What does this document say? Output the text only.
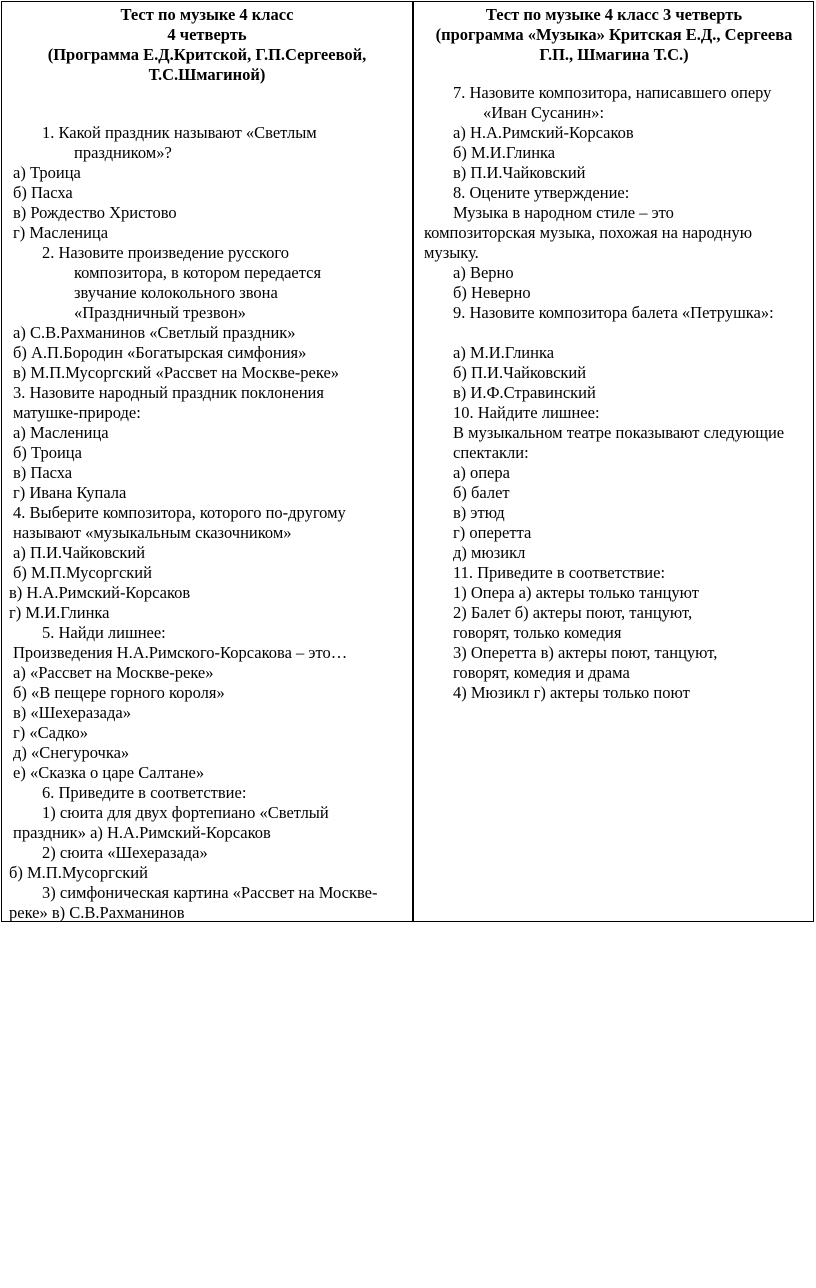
Тест по музыке 4 класс
4 четверть
(Программа Е.Д.Критской, Г.П.Сергеевой,
Т.С.Шмагиной)
1. Какой праздник называют «Светлым
праздником»?
а) Троица
б) Пасха
в) Рождество Христово
г) Масленица
2. Назовите произведение русского
композитора, в котором передается
звучание колокольного звона
«Праздничный трезвон»
а) С.В.Рахманинов «Светлый праздник»
б) А.П.Бородин «Богатырская симфония»
в) М.П.Мусоргский «Рассвет на Москве-реке»
3. Назовите народный праздник поклонения
матушке-природе:
а) Масленица
б) Троица
в) Пасха
г) Ивана Купала
4. Выберите композитора, которого по-другому
называют «музыкальным сказочником»
а) П.И.Чайковский
б) М.П.Мусоргский
в) Н.А.Римский-Корсаков
г) М.И.Глинка
5. Найди лишнее:
Произведения Н.А.Римского-Корсакова – это…
а) «Рассвет на Москве-реке»
б) «В пещере горного короля»
в) «Шехеразада»
г) «Садко»
д) «Снегурочка»
е) «Сказка о царе Салтане»
6. Приведите в соответствие:
1) сюита для двух фортепиано «Светлый
праздник» а) Н.А.Римский-Корсаков
2) сюита «Шехеразада»
б) М.П.Мусоргский
3) симфоническая картина «Рассвет на Москве-
реке» в) С.В.Рахманинов
Тест по музыке 4 класс 3 четверть
(программа «Музыка» Критская Е.Д., Сергеева
Г.П., Шмагина Т.С.)
7. Назовите композитора, написавшего оперу
«Иван Сусанин»:
а) Н.А.Римский-Корсаков
б) М.И.Глинка
в) П.И.Чайковский
8. Оцените утверждение:
Музыка в народном стиле – это
композиторская музыка, похожая на народную
музыку.
а) Верно
б) Неверно
9. Назовите композитора балета «Петрушка»:
а) М.И.Глинка
б) П.И.Чайковский
в) И.Ф.Стравинский
10. Найдите лишнее:
В музыкальном театре показывают следующие
спектакли:
а) опера
б) балет
в) этюд
г) оперетта
д) мюзикл
11. Приведите в соответствие:
1) Опера а) актеры только танцуют
2) Балет б) актеры поют, танцуют,
говорят, только комедия
3) Оперетта в) актеры поют, танцуют,
говорят, комедия и драма
4) Мюзикл г) актеры только поют
